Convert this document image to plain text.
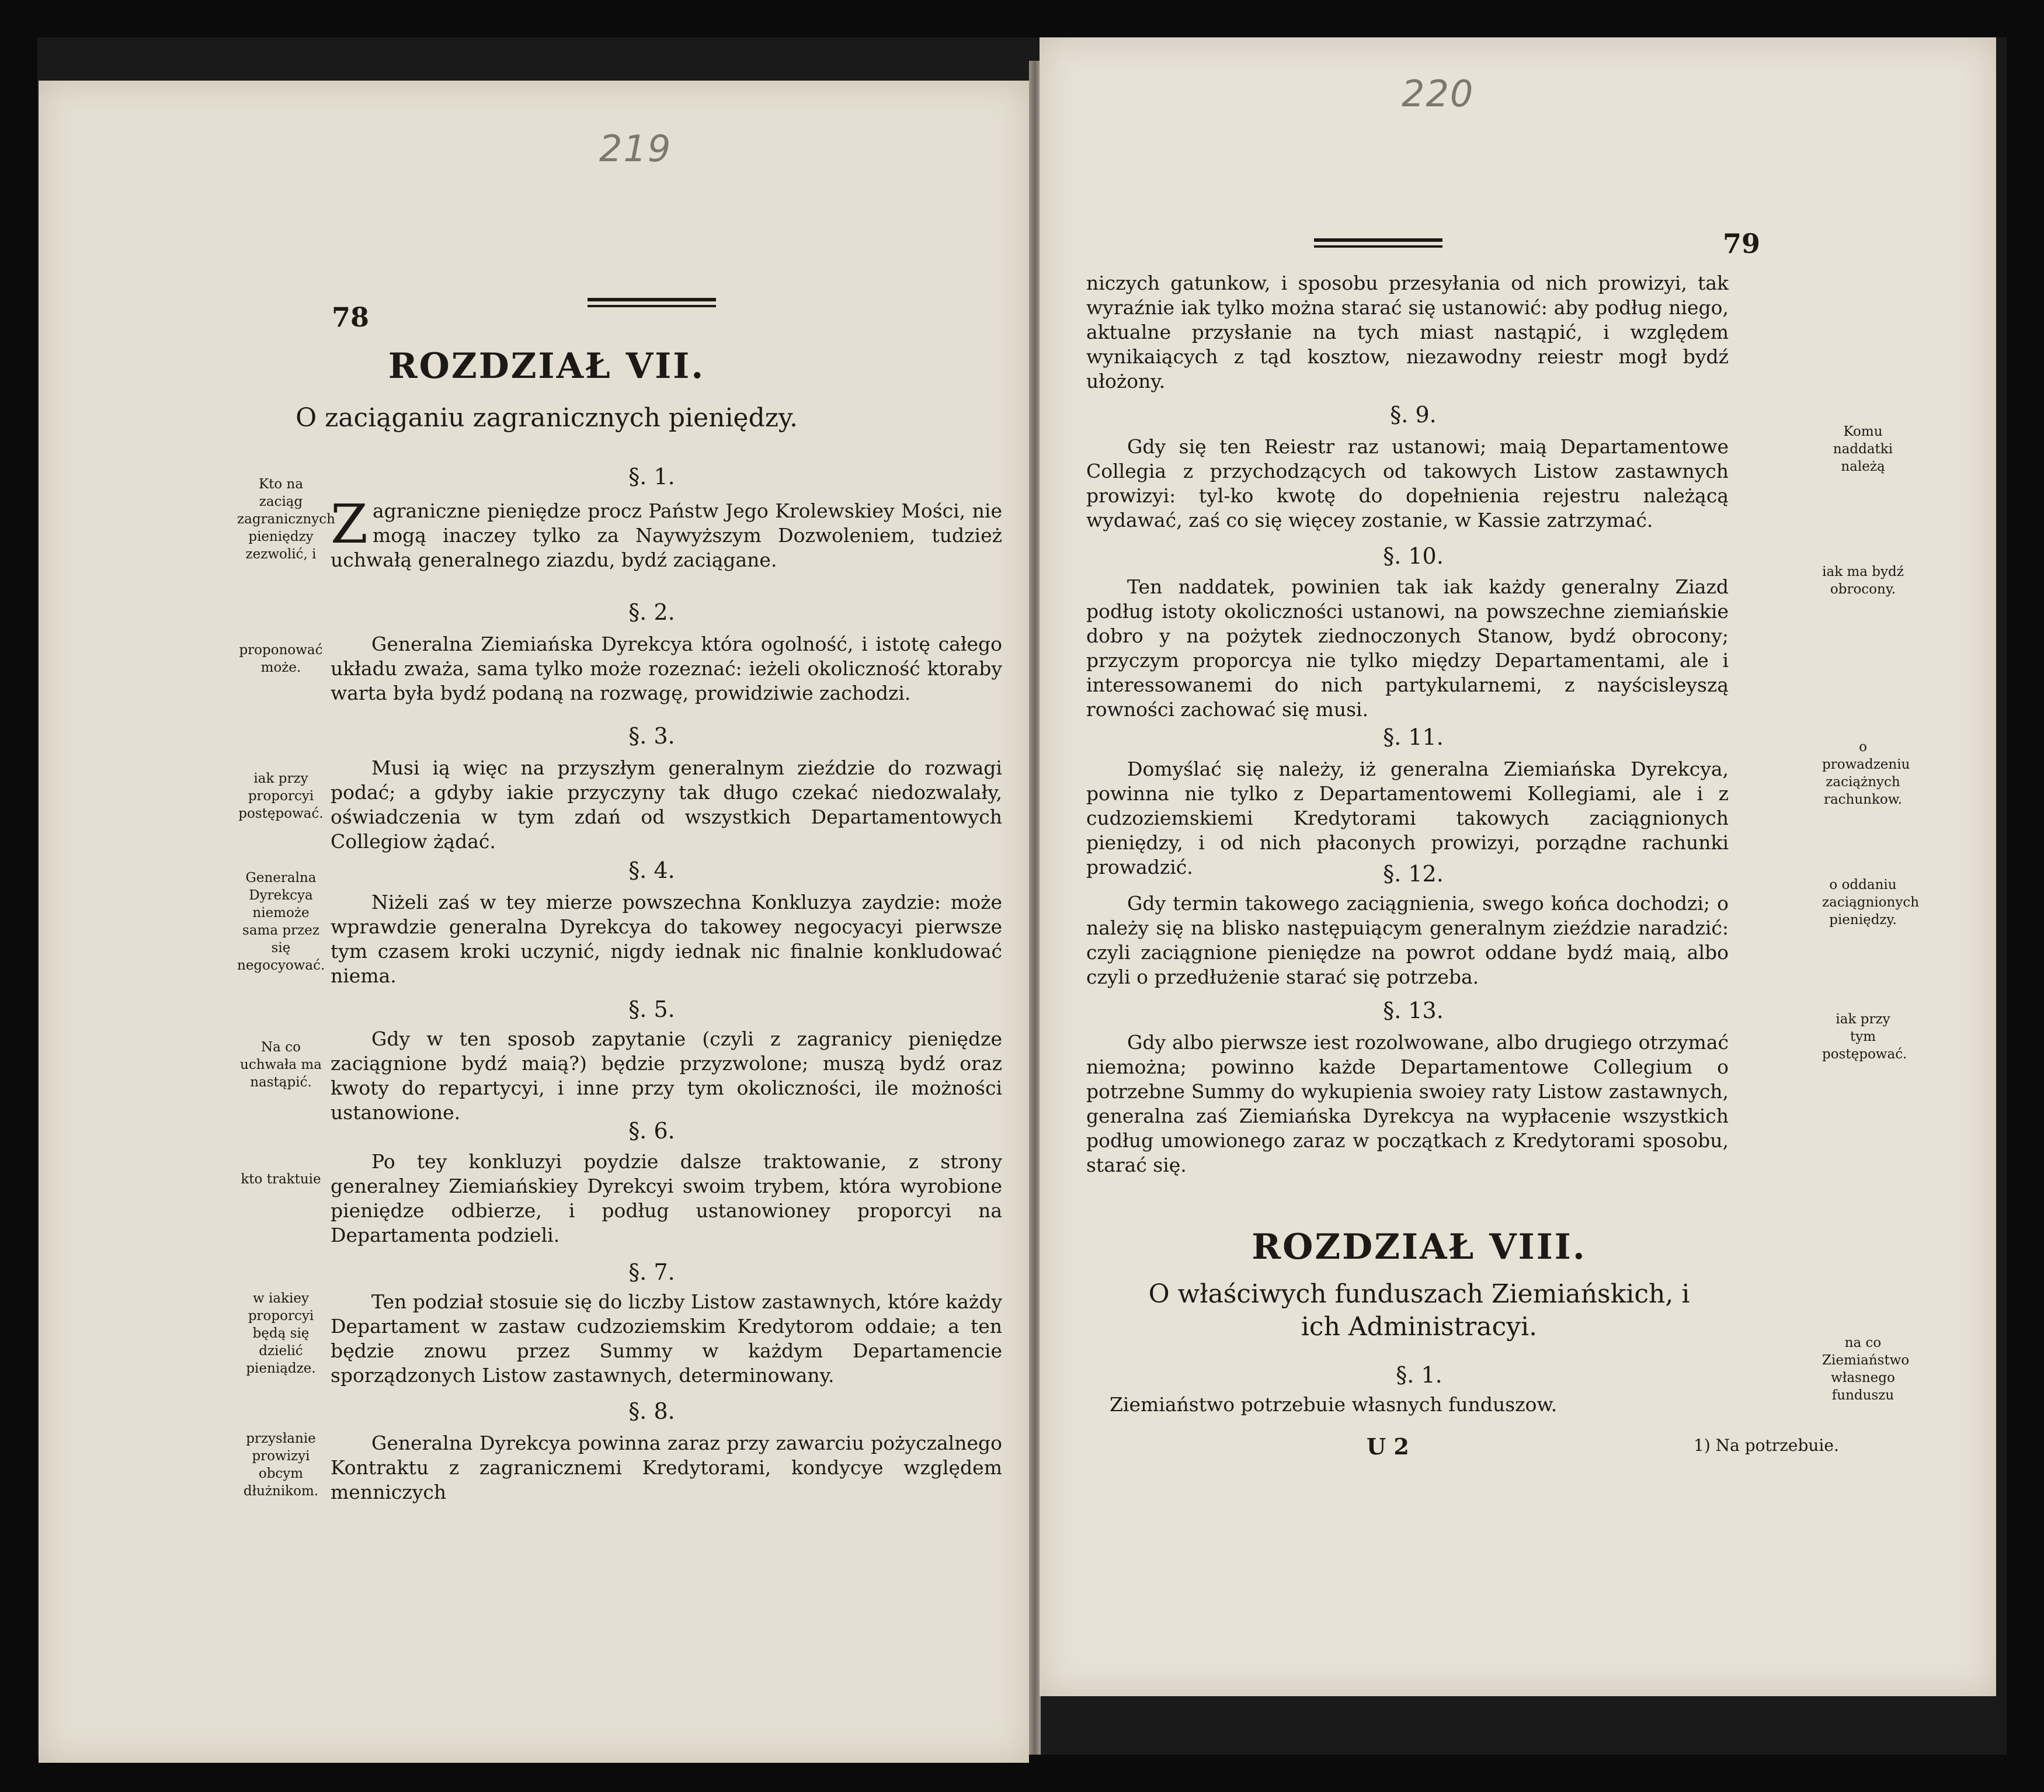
219
78
ROZDZIAŁ VII.
O zaciąganiu zagranicznych pieniędzy.
§. 1.
Zagraniczne pieniędze procz Państw Jego Krolewskiey Mości, nie mogą inaczey tylko za Naywyższym Dozwoleniem, tudzież uchwałą generalnego ziazdu, bydź zaciągane.
§. 2.
Generalna Ziemiańska Dyrekcya która ogolność, i istotę całego układu zważa, sama tylko może rozeznać: ieżeli okoliczność ktoraby warta była bydź podaną na rozwagę, prowidziwie zachodzi.
§. 3.
Musi ią więc na przyszłym generalnym zieździe do rozwagi podać; a gdyby iakie przyczyny tak długo czekać niedozwalały, oświadczenia w tym zdań od wszystkich Departamentowych Collegiow żądać.
§. 4.
Niżeli zaś w tey mierze powszechna Konkluzya zaydzie: może wprawdzie generalna Dyrekcya do takowey negocyacyi pierwsze tym czasem kroki uczynić, nigdy iednak nic finalnie konkludować niema.
§. 5.
Gdy w ten sposob zapytanie (czyli z zagranicy pieniędze zaciągnione bydź maią?) będzie przyzwolone; muszą bydź oraz kwoty do repartycyi, i inne przy tym okoliczności, ile możności ustanowione.
§. 6.
Po tey konkluzyi poydzie dalsze traktowanie, z strony generalney Ziemiańskiey Dyrekcyi swoim trybem, która wyrobione pieniędze odbierze, i podług ustanowioney proporcyi na Departamenta podzieli.
§. 7.
Ten podział stosuie się do liczby Listow zastawnych, które każdy Departament w zastaw cudzoziemskim Kredytorom oddaie; a ten będzie znowu przez Summy w każdym Departamencie sporządzonych Listow zastawnych, determinowany.
§. 8.
Generalna Dyrekcya powinna zaraz przy zawarciu pożyczalnego Kontraktu z zagranicznemi Kredytorami, kondycye względem menniczych
Kto na zaciąg zagranicznych pieniędzy zezwolić, i
proponować może.
iak przy proporcyi postępować.
Generalna Dyrekcya niemoże sama przez się negocyować.
Na co uchwała ma nastąpić.
kto traktuie
w iakiey proporcyi będą się dzielić pieniądze.
przysłanie prowizyi obcym dłużnikom.
220
79
niczych gatunkow, i sposobu przesyłania od nich prowizyi, tak wyraźnie iak tylko można starać się ustanowić: aby podług niego, aktualne przysłanie na tych miast nastąpić, i względem wynikaiących z tąd kosztow, niezawodny reiestr mogł bydź ułożony.
§. 9.
Gdy się ten Reiestr raz ustanowi; maią Departamentowe Collegia z przychodzących od takowych Listow zastawnych prowizyi: tyl-ko kwotę do dopełnienia rejestru należącą wydawać, zaś co się więcey zostanie, w Kassie zatrzymać.
§. 10.
Ten naddatek, powinien tak iak każdy generalny Ziazd podług istoty okoliczności ustanowi, na powszechne ziemiańskie dobro y na pożytek ziednoczonych Stanow, bydź obrocony; przyczym proporcya nie tylko między Departamentami, ale i interessowanemi do nich partykularnemi, z nayścisleyszą rowności zachować się musi.
§. 11.
Domyślać się należy, iż generalna Ziemiańska Dyrekcya, powinna nie tylko z Departamentowemi Kollegiami, ale i z cudzoziemskiemi Kredytorami takowych zaciągnionych pieniędzy, i od nich płaconych prowizyi, porządne rachunki prowadzić.	§. 12.
Gdy termin takowego zaciągnienia, swego końca dochodzi; o należy się na blisko następuiącym generalnym zieździe naradzić: czyli zaciągnione pieniędze na powrot oddane bydź maią, albo czyli o przedłużenie starać się potrzeba.
§. 13.
Gdy albo pierwsze iest rozolwowane, albo drugiego otrzymać niemożna; powinno każde Departamentowe Collegium o potrzebne Summy do wykupienia swoiey raty Listow zastawnych, generalna zaś Ziemiańska Dyrekcya na wypłacenie wszystkich podług umowionego zaraz w początkach z Kredytorami sposobu, starać się.
ROZDZIAŁ VIII.
O właściwych funduszach Ziemiańskich, i ich Administracyi.
§. 1.
Ziemiaństwo potrzebuie własnych funduszow.
U 2	1) Na potrzebuie.
Komu naddatki należą
iak ma bydź obrocony.
o prowadzeniu zaciążnych rachunkow.
o oddaniu zaciągnionych pieniędzy.
iak przy tym postępować.
na co Ziemiaństwo własnego funduszu
